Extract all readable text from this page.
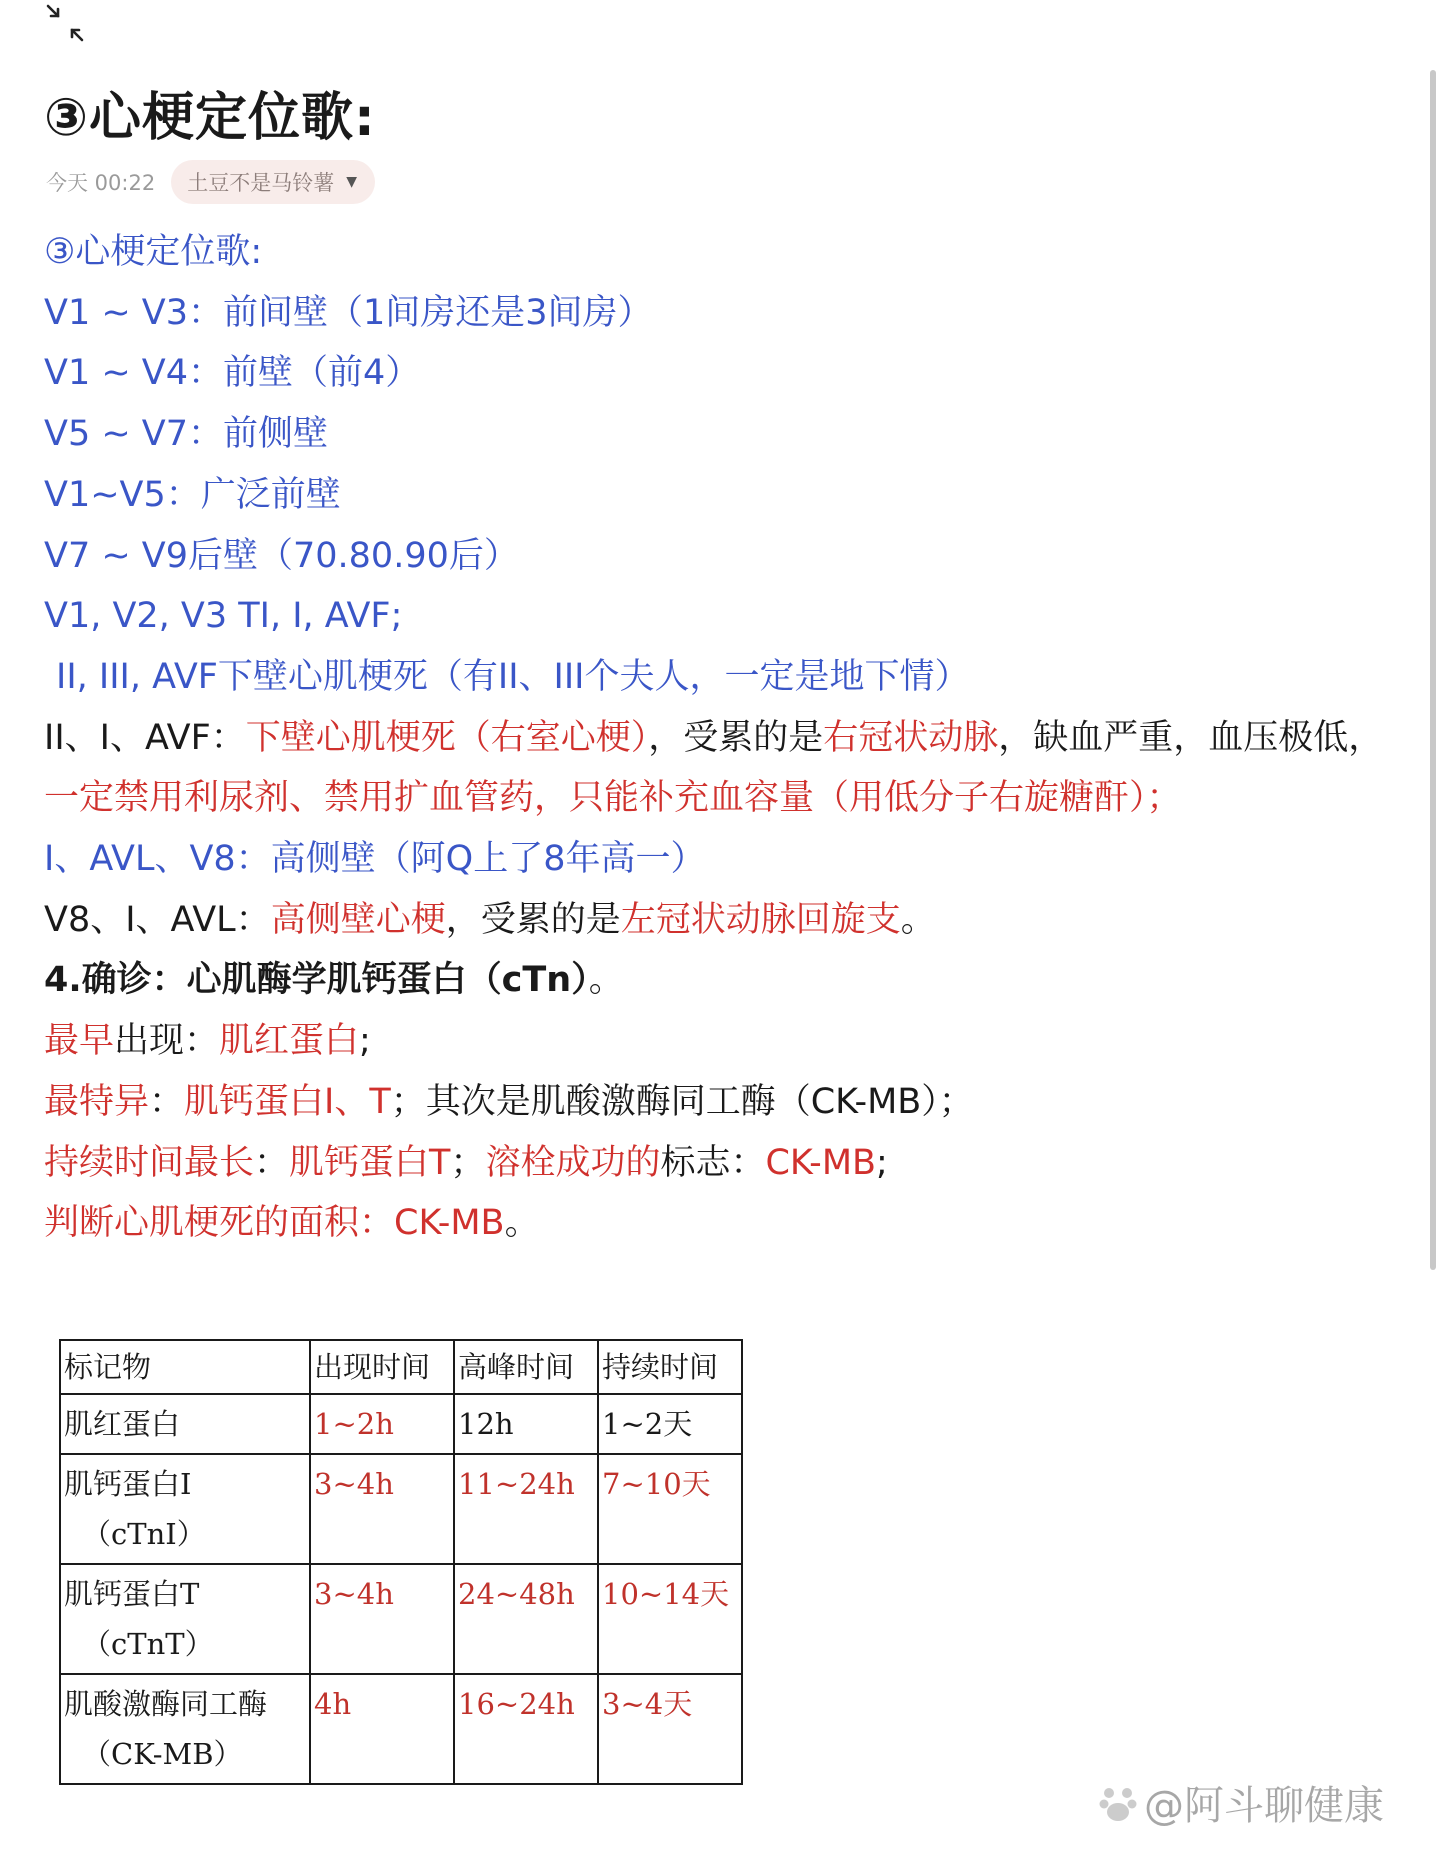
③心梗定位歌:
今天 00:22 土豆不是马铃薯 ▼
③心梗定位歌:
V1 ~ V3：前间壁（1间房还是3间房）
V1 ~ V4：前壁（前4）
V5 ~ V7：前侧壁
V1~V5：广泛前壁
V7 ~ V9后壁（70.80.90后）
V1, V2, V3 TI, I, AVF;
II, III, AVF下壁心肌梗死（有II、III个夫人，一定是地下情）
II、I、AVF：下壁心肌梗死（右室心梗），受累的是右冠状动脉，缺血严重，血压极低，一定禁用利尿剂、禁用扩血管药，只能补充血容量（用低分子右旋糖酐）；
I、AVL、V8：高侧壁（阿Q上了8年高一）
V8、I、AVL：高侧壁心梗，受累的是左冠状动脉回旋支。
4.确诊：心肌酶学肌钙蛋白（cTn）。
最早出现：肌红蛋白;
最特异：肌钙蛋白I、T；其次是肌酸激酶同工酶（CK-MB）；
持续时间最长：肌钙蛋白T；溶栓成功的标志：CK-MB;
判断心肌梗死的面积：CK-MB。
标记物	出现时间	高峰时间	持续时间
肌红蛋白	1~2h	12h	1~2天
肌钙蛋白I
（cTnI）	3~4h	11~24h	7~10天
肌钙蛋白T
（cTnT）	3~4h	24~48h	10~14天
肌酸激酶同工酶
（CK-MB）	4h	16~24h	3~4天
@阿斗聊健康
